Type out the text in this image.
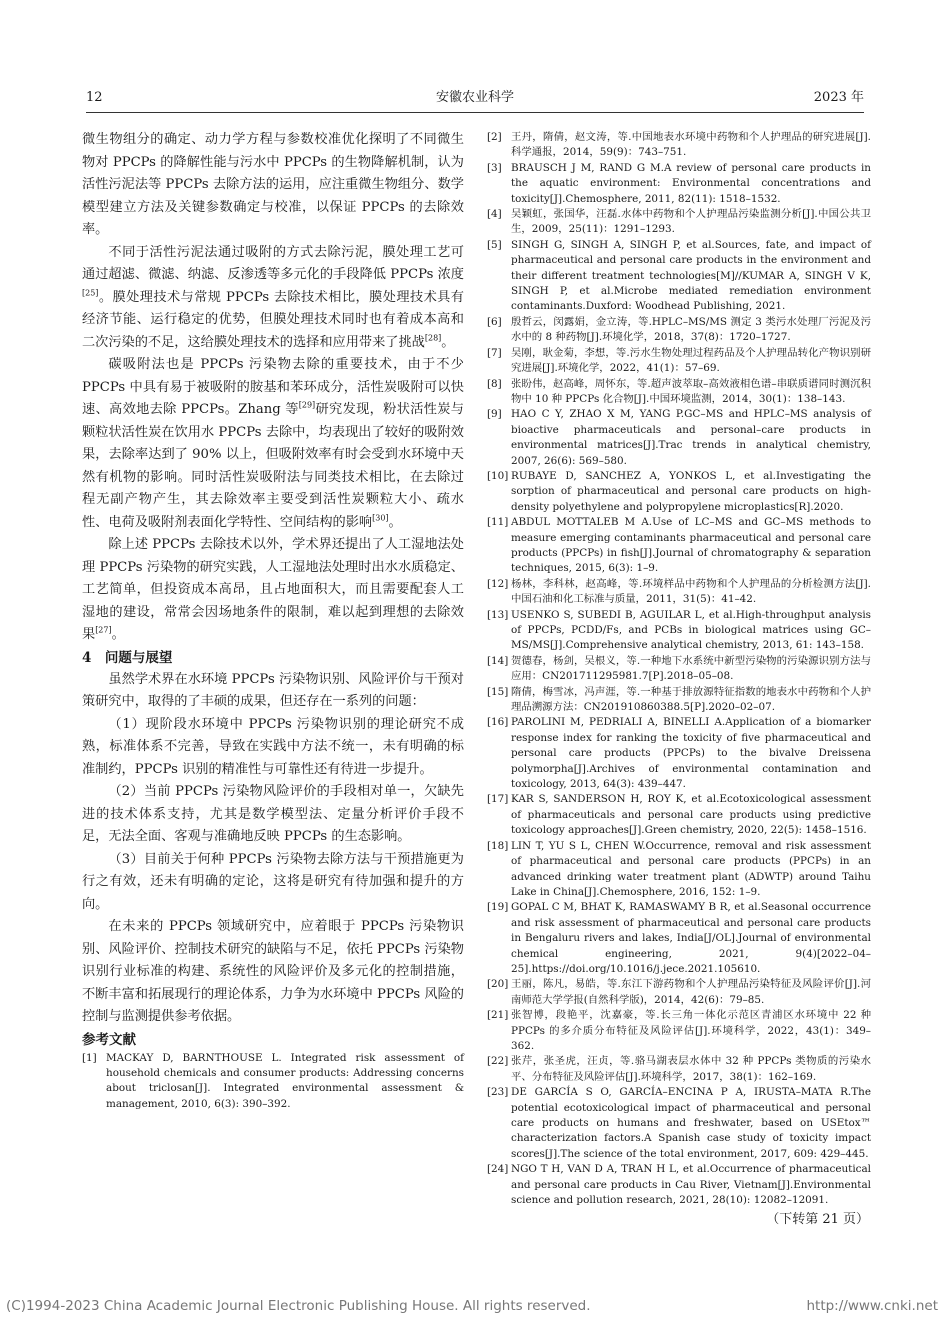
12	安徽农业科学	2023 年

微生物组分的确定、动力学方程与参数校准优化探明了不同微生物对 PPCPs 的降解性能与污水中 PPCPs 的生物降解机制，认为活性污泥法等 PPCPs 去除方法的运用，应注重微生物组分、数学模型建立方法及关键参数确定与校准，以保证 PPCPs 的去除效率。

不同于活性污泥法通过吸附的方式去除污泥，膜处理工艺可通过超滤、微滤、纳滤、反渗透等多元化的手段降低 PPCPs 浓度[25]。膜处理技术与常规 PPCPs 去除技术相比，膜处理技术具有经济节能、运行稳定的优势，但膜处理技术同时也有着成本高和二次污染的不足，这给膜处理技术的选择和应用带来了挑战[28]。

碳吸附法也是 PPCPs 污染物去除的重要技术，由于不少 PPCPs 中具有易于被吸附的胺基和苯环成分，活性炭吸附可以快速、高效地去除 PPCPs。Zhang 等[29]研究发现，粉状活性炭与颗粒状活性炭在饮用水 PPCPs 去除中，均表现出了较好的吸附效果，去除率达到了 90% 以上，但吸附效率有时会受到水环境中天然有机物的影响。同时活性炭吸附法与同类技术相比，在去除过程无副产物产生，其去除效率主要受到活性炭颗粒大小、疏水性、电荷及吸附剂表面化学特性、空间结构的影响[30]。

除上述 PPCPs 去除技术以外，学术界还提出了人工湿地法处理 PPCPs 污染物的研究实践，人工湿地法处理时出水水质稳定、工艺简单，但投资成本高昂，且占地面积大，而且需要配套人工湿地的建设，常常会因场地条件的限制，难以起到理想的去除效果[27]。

4　问题与展望

虽然学术界在水环境 PPCPs 污染物识别、风险评价与干预对策研究中，取得的了丰硕的成果，但还存在一系列的问题：

（1）现阶段水环境中 PPCPs 污染物识别的理论研究不成熟，标准体系不完善，导致在实践中方法不统一，未有明确的标准制约，PPCPs 识别的精准性与可靠性还有待进一步提升。

（2）当前 PPCPs 污染物风险评价的手段相对单一，欠缺先进的技术体系支持，尤其是数学模型法、定量分析评价手段不足，无法全面、客观与准确地反映 PPCPs 的生态影响。

（3）目前关于何种 PPCPs 污染物去除方法与干预措施更为行之有效，还未有明确的定论，这将是研究有待加强和提升的方向。

在未来的 PPCPs 领域研究中，应着眼于 PPCPs 污染物识别、风险评价、控制技术研究的缺陷与不足，依托 PPCPs 污染物识别行业标准的构建、系统性的风险评价及多元化的控制措施，不断丰富和拓展现行的理论体系，力争为水环境中 PPCPs 风险的控制与监测提供参考依据。

参考文献

[1] MACKAY D, BARNTHOUSE L. Integrated risk assessment of household chemicals and consumer products: Addressing concerns about triclosan[J]. Integrated environmental assessment & management, 2010, 6(3): 390–392.
[2] 王丹，隋倩，赵文涛，等.中国地表水环境中药物和个人护理品的研究进展[J].科学通报，2014，59(9)：743–751.
[3] BRAUSCH J M, RAND G M.A review of personal care products in the aquatic environment: Environmental concentrations and toxicity[J].Chemosphere, 2011, 82(11): 1518–1532.
[4] 吴颖虹，张国华，汪磊.水体中药物和个人护理品污染监测分析[J].中国公共卫生，2009，25(11)：1291–1293.
[5] SINGH G, SINGH A, SINGH P, et al.Sources, fate, and impact of pharmaceutical and personal care products in the environment and their different treatment technologies[M]//KUMAR A, SINGH V K, SINGH P, et al.Microbe mediated remediation environment contaminants.Duxford: Woodhead Publishing, 2021.
[6] 殷哲云，闵露娟，金立涛，等.HPLC–MS/MS 测定 3 类污水处理厂污泥及污水中的 8 种药物[J].环境化学，2018，37(8)：1720–1727.
[7] 吴刚，耿金菊，李想，等.污水生物处理过程药品及个人护理品转化产物识别研究进展[J].环境化学，2022，41(1)：57–69.
[8] 张盼伟，赵高峰，周怀东，等.超声波萃取–高效液相色谱–串联质谱同时测沉积物中 10 种 PPCPs 化合物[J].中国环境监测，2014，30(1)：138–143.
[9] HAO C Y, ZHAO X M, YANG P.GC–MS and HPLC–MS analysis of bioactive pharmaceuticals and personal–care products in environmental matrices[J].Trac trends in analytical chemistry, 2007, 26(6): 569–580.
[10] RUBAYE D, SANCHEZ A, YONKOS L, et al.Investigating the sorption of pharmaceutical and personal care products on high-density polyethylene and polypropylene microplastics[R].2020.
[11] ABDUL MOTTALEB M A.Use of LC–MS and GC–MS methods to measure emerging contaminants pharmaceutical and personal care products (PPCPs) in fish[J].Journal of chromatography & separation techniques, 2015, 6(3): 1–9.
[12] 杨林，李科林，赵高峰，等.环境样品中药物和个人护理品的分析检测方法[J].中国石油和化工标准与质量，2011，31(5)：41–42.
[13] USENKO S, SUBEDI B, AGUILAR L, et al.High-throughput analysis of PPCPs, PCDD/Fs, and PCBs in biological matrices using GC–MS/MS[J].Comprehensive analytical chemistry, 2013, 61: 143–158.
[14] 贺德春，杨剑，吴根义，等.一种地下水系统中新型污染物的污染源识别方法与应用：CN201711295981.7[P].2018–05–08.
[15] 隋倩，梅雪冰，冯声涯，等.一种基于排放源特征指数的地表水中药物和个人护理品溯源方法：CN201910860388.5[P].2020–02–07.
[16] PAROLINI M, PEDRIALI A, BINELLI A.Application of a biomarker response index for ranking the toxicity of five pharmaceutical and personal care products (PPCPs) to the bivalve Dreissena polymorpha[J].Archives of environmental contamination and toxicology, 2013, 64(3): 439–447.
[17] KAR S, SANDERSON H, ROY K, et al.Ecotoxicological assessment of pharmaceuticals and personal care products using predictive toxicology approaches[J].Green chemistry, 2020, 22(5): 1458–1516.
[18] LIN T, YU S L, CHEN W.Occurrence, removal and risk assessment of pharmaceutical and personal care products (PPCPs) in an advanced drinking water treatment plant (ADWTP) around Taihu Lake in China[J].Chemosphere, 2016, 152: 1–9.
[19] GOPAL C M, BHAT K, RAMASWAMY B R, et al.Seasonal occurrence and risk assessment of pharmaceutical and personal care products in Bengaluru rivers and lakes, India[J/OL].Journal of environmental chemical engineering, 2021, 9(4)[2022–04–25].https://doi.org/10.1016/j.jece.2021.105610.
[20] 王丽，陈凡，易皓，等.东江下游药物和个人护理品污染特征及风险评价[J].河南师范大学学报(自然科学版)，2014，42(6)：79–85.
[21] 张智博，段艳平，沈嘉豪，等.长三角一体化示范区青浦区水环境中 22 种 PPCPs 的多介质分布特征及风险评估[J].环境科学，2022，43(1)：349–362.
[22] 张芹，张圣虎，汪贞，等.骆马湖表层水体中 32 种 PPCPs 类物质的污染水平、分布特征及风险评估[J].环境科学，2017，38(1)：162–169.
[23] DE GARCÍA S O, GARCÍA–ENCINA P A, IRUSTA–MATA R.The potential ecotoxicological impact of pharmaceutical and personal care products on humans and freshwater, based on USEtox™ characterization factors.A Spanish case study of toxicity impact scores[J].The science of the total environment, 2017, 609: 429–445.
[24] NGO T H, VAN D A, TRAN H L, et al.Occurrence of pharmaceutical and personal care products in Cau River, Vietnam[J].Environmental science and pollution research, 2021, 28(10): 12082–12091.
（下转第 21 页）
(C)1994-2023 China Academic Journal Electronic Publishing House. All rights reserved.	http://www.cnki.net
